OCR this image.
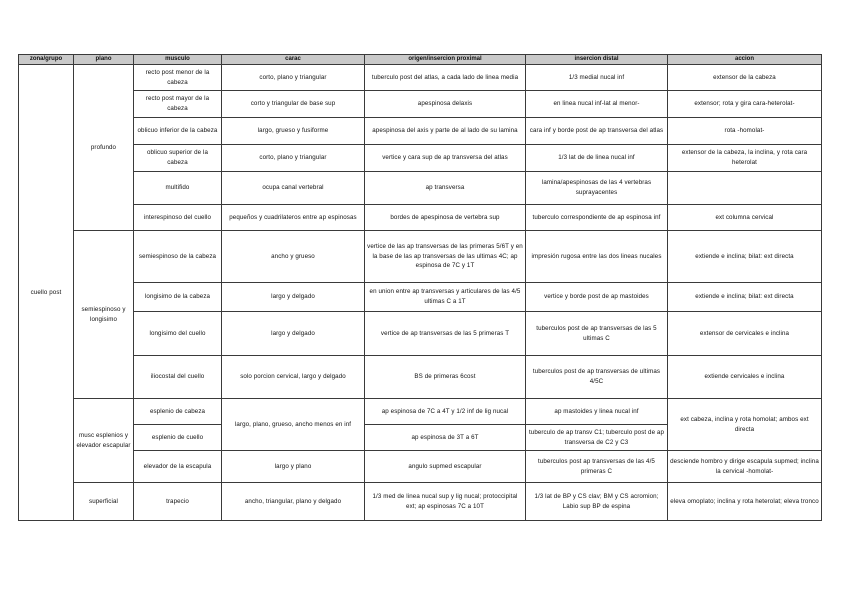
zona/grupo	plano	musculo	carac	origen/insercion proximal	insercion distal	accion
cuello post	profundo	recto post menor de la cabeza	corto, plano y triangular	tuberculo post del atlas, a cada lado de linea media	1/3 medial nucal inf	extensor de la cabeza
		recto post mayor de la cabeza	corto y triangular de base sup	apespinosa delaxis	en linea nucal inf-lat al menor-	extensor; rota y gira cara-heterolat-
		oblicuo inferior de la cabeza	largo, grueso y fusiforme	apespinosa del axis y parte de al lado de su lamina	cara inf y borde post de ap transversa del atlas	rota -homolat-
		oblicuo superior de la cabeza	corto, plano y triangular	vertice y cara sup de ap transversa del atlas	1/3 lat de de linea nucal inf	extensor de la cabeza, la inclina, y rota cara heterolat
		multifido	ocupa canal vertebral	ap transversa	lamina/apespinosas de las 4 vertebras suprayacentes	
		interespinoso del cuello	pequeños y cuadrilateros entre ap espinosas	bordes de apespinosa de vertebra sup	tuberculo correspondiente de ap espinosa inf	ext columna cervical
	semiespinoso y longisimo	semiespinoso de la cabeza	ancho y grueso	vertice de las ap transversas de las primeras 5/6T y en la base de las ap transversas de las ultimas 4C; ap espinosa de 7C y 1T	impresión rugosa entre las dos lineas nucales	extiende e inclina; bilat: ext directa
		longisimo de la cabeza	largo y delgado	en union entre ap transversas y articulares de las 4/5 ultimas C a 1T	vertice y borde post de ap mastoides	extiende e inclina; bilat: ext directa
		longisimo del cuello	largo y delgado	vertice de ap transversas de las 5 primeras T	tuberculos post de ap transversas de las 5 ultimas C	extensor de cervicales e inclina
		iliocostal del cuello	solo porcion cervical, largo y delgado	BS de primeras 6cost	tuberculos post de ap transversas de ultimas 4/5C	extiende cervicales e inclina
	musc esplenios y elevador escapular	esplenio de cabeza	largo, plano, grueso, ancho menos en inf	ap espinosa de 7C a 4T y 1/2 inf de lig nucal	ap mastoides y linea nucal inf	ext cabeza, inclina y rota homolat; ambos ext directa
		esplenio de cuello		ap espinosa de 3T a 6T	tuberculo de ap transv C1; tuberculo post de ap transversa de C2 y C3	
		elevador de la escapula	largo y plano	angulo supmed escapular	tuberculos post ap transversas de las 4/5 primeras C	desciende hombro y dirige escapula supmed; inclina la cervical -homolat-
	superficial	trapecio	ancho, triangular, plano y delgado	1/3 med de linea nucal sup y lig nucal; protoccipital ext; ap espinosas 7C a 10T	1/3 lat de BP y CS clav; BM y CS acromion; Labio sup BP de espina	eleva omoplato; inclina y rota heterolat; eleva tronco
